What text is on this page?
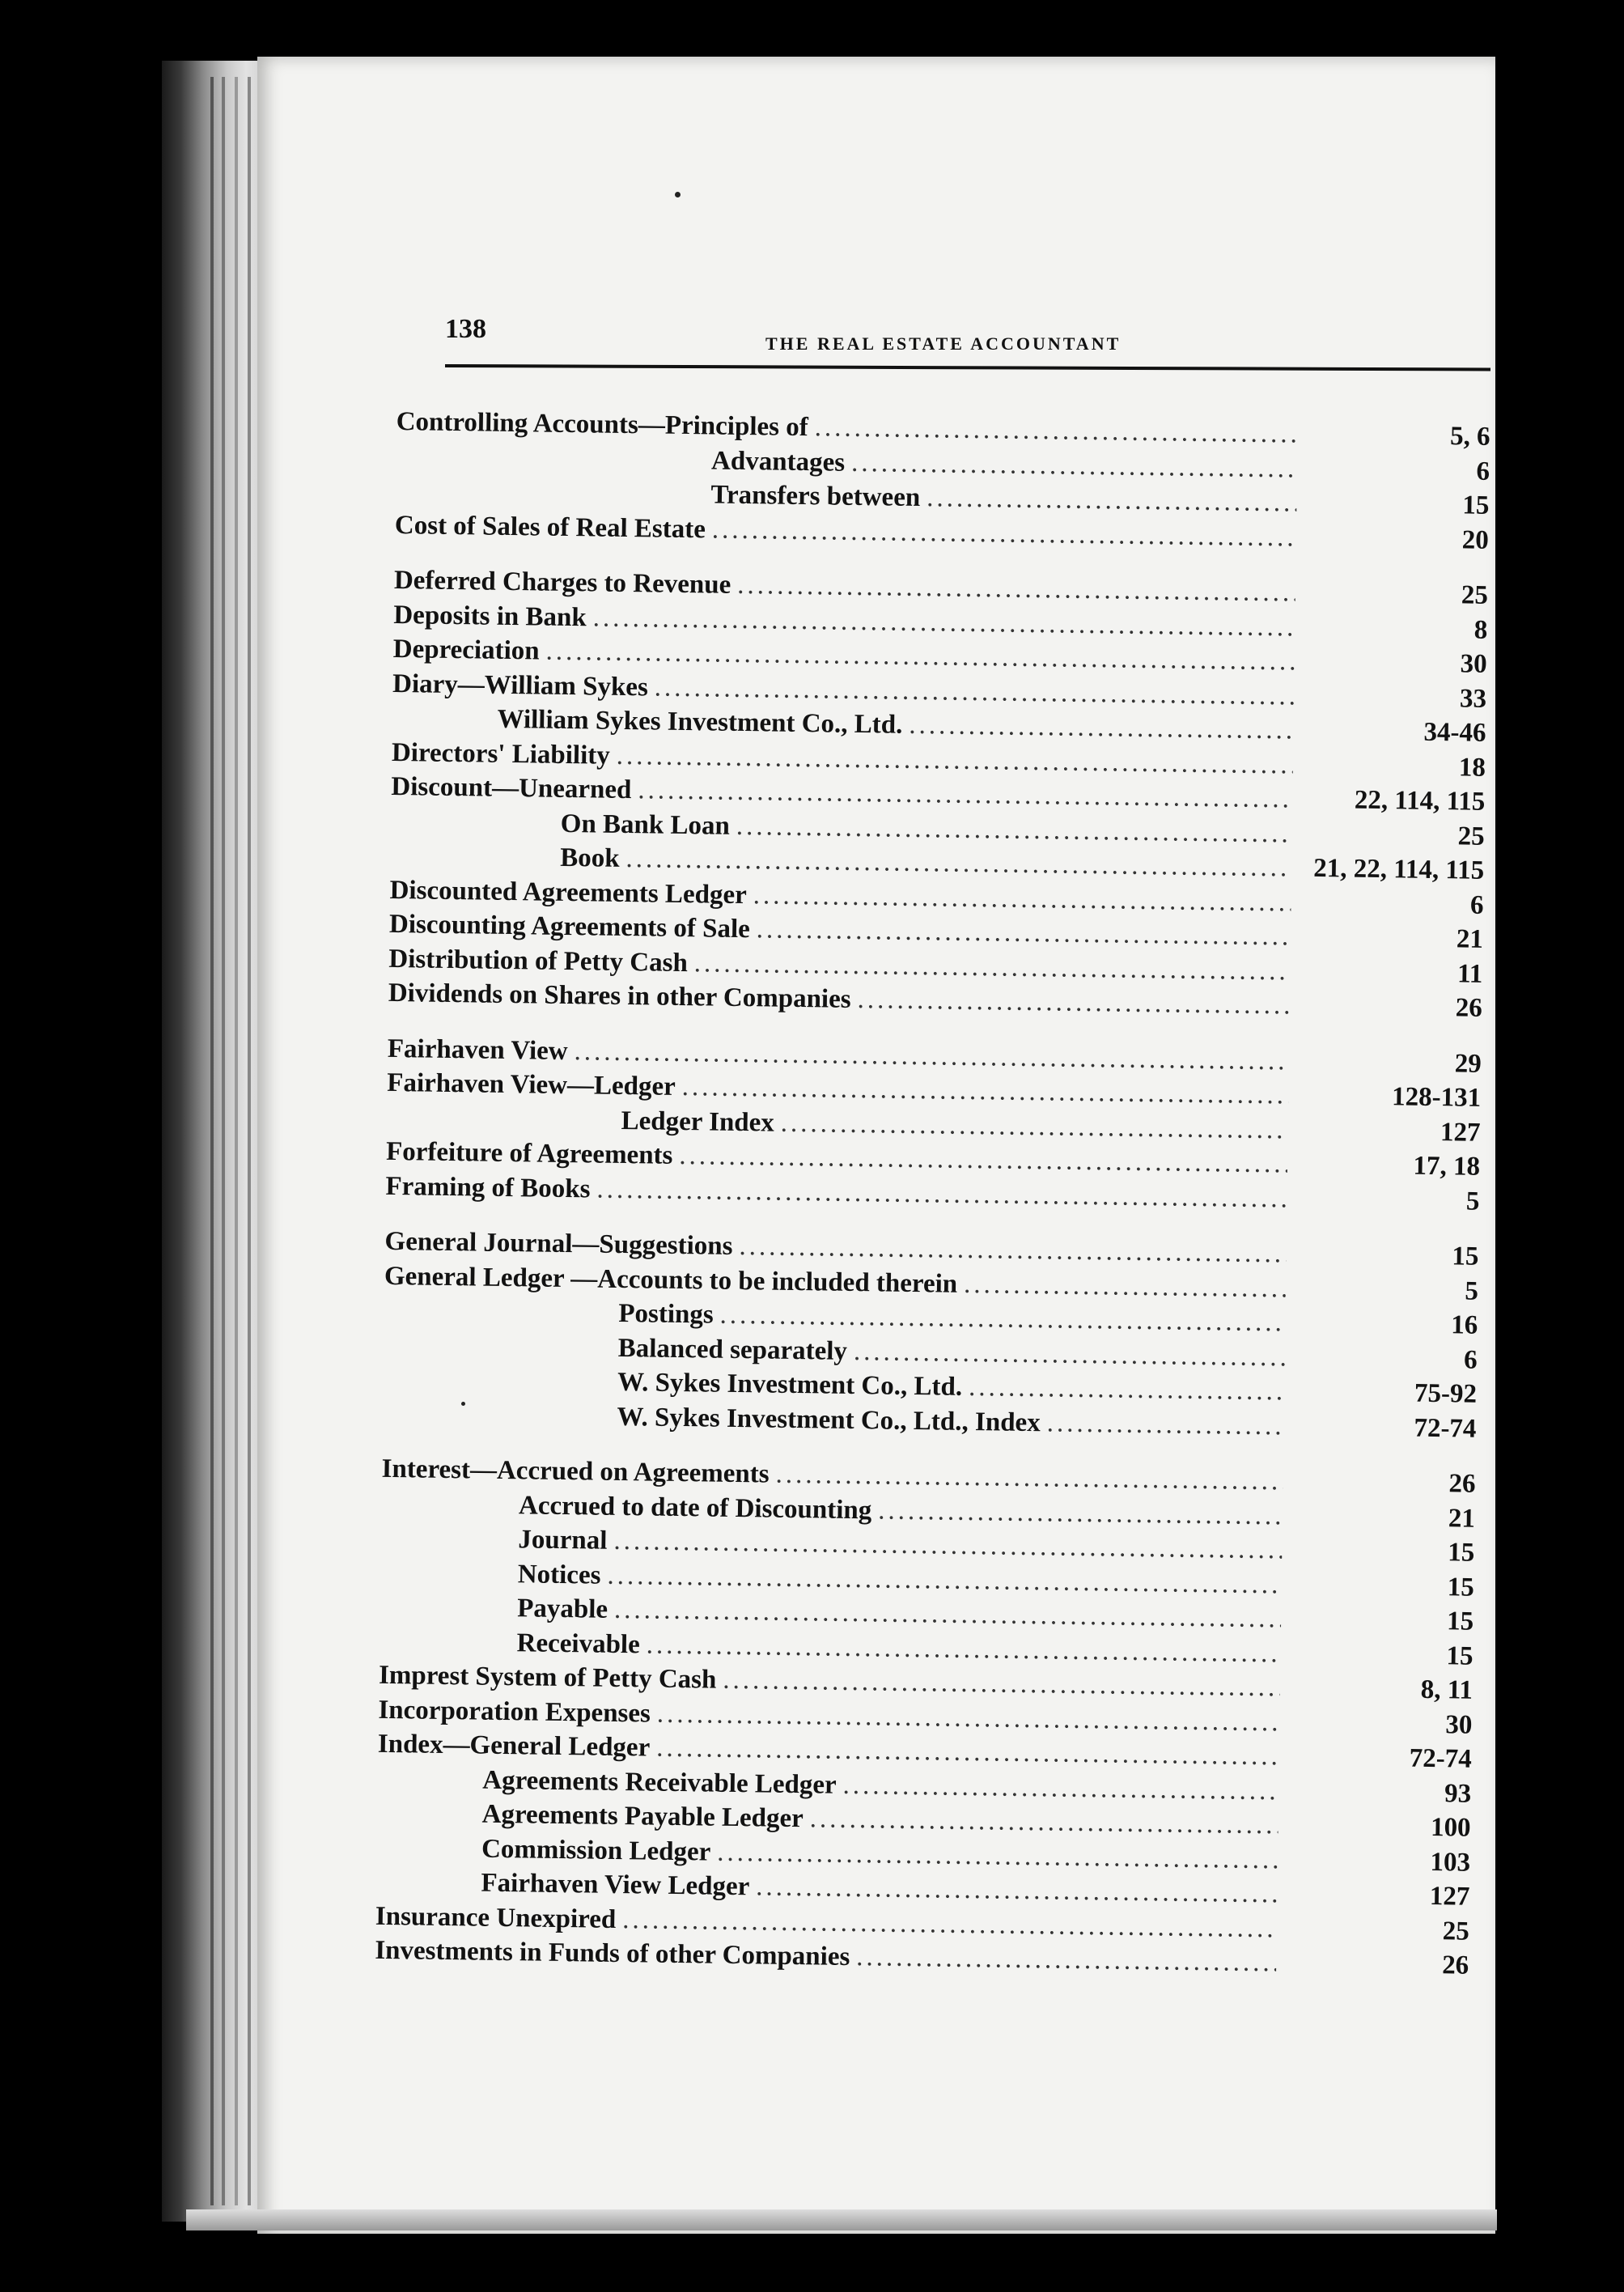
138	THE REAL ESTATE ACCOUNTANT
Controlling Accounts—Principles of .....	5, 6
Advantages .....	6
Transfers between .....	15
Cost of Sales of Real Estate .....	20
Deferred Charges to Revenue .....	25
Deposits in Bank .....	8
Depreciation .....	30
Diary—William Sykes .....	33
William Sykes Investment Co., Ltd. .....	34-46
Directors' Liability .....	18
Discount—Unearned .....	22, 114, 115
On Bank Loan .....	25
Book .....	21, 22, 114, 115
Discounted Agreements Ledger .....	6
Discounting Agreements of Sale .....	21
Distribution of Petty Cash .....	11
Dividends on Shares in other Companies .....	26
Fairhaven View .....	29
Fairhaven View—Ledger .....	128-131
Ledger Index .....	127
Forfeiture of Agreements .....	17, 18
Framing of Books .....	5
General Journal—Suggestions .....	15
General Ledger —Accounts to be included therein .....	5
Postings .....	16
Balanced separately .....	6
W. Sykes Investment Co., Ltd. .....	75-92
W. Sykes Investment Co., Ltd., Index .....	72-74
Interest—Accrued on Agreements .....	26
Accrued to date of Discounting .....	21
Journal .....	15
Notices .....	15
Payable .....	15
Receivable .....	15
Imprest System of Petty Cash .....	8, 11
Incorporation Expenses .....	30
Index—General Ledger .....	72-74
Agreements Receivable Ledger .....	93
Agreements Payable Ledger .....	100
Commission Ledger .....	103
Fairhaven View Ledger .....	127
Insurance Unexpired .....	25
Investments in Funds of other Companies .....	26
